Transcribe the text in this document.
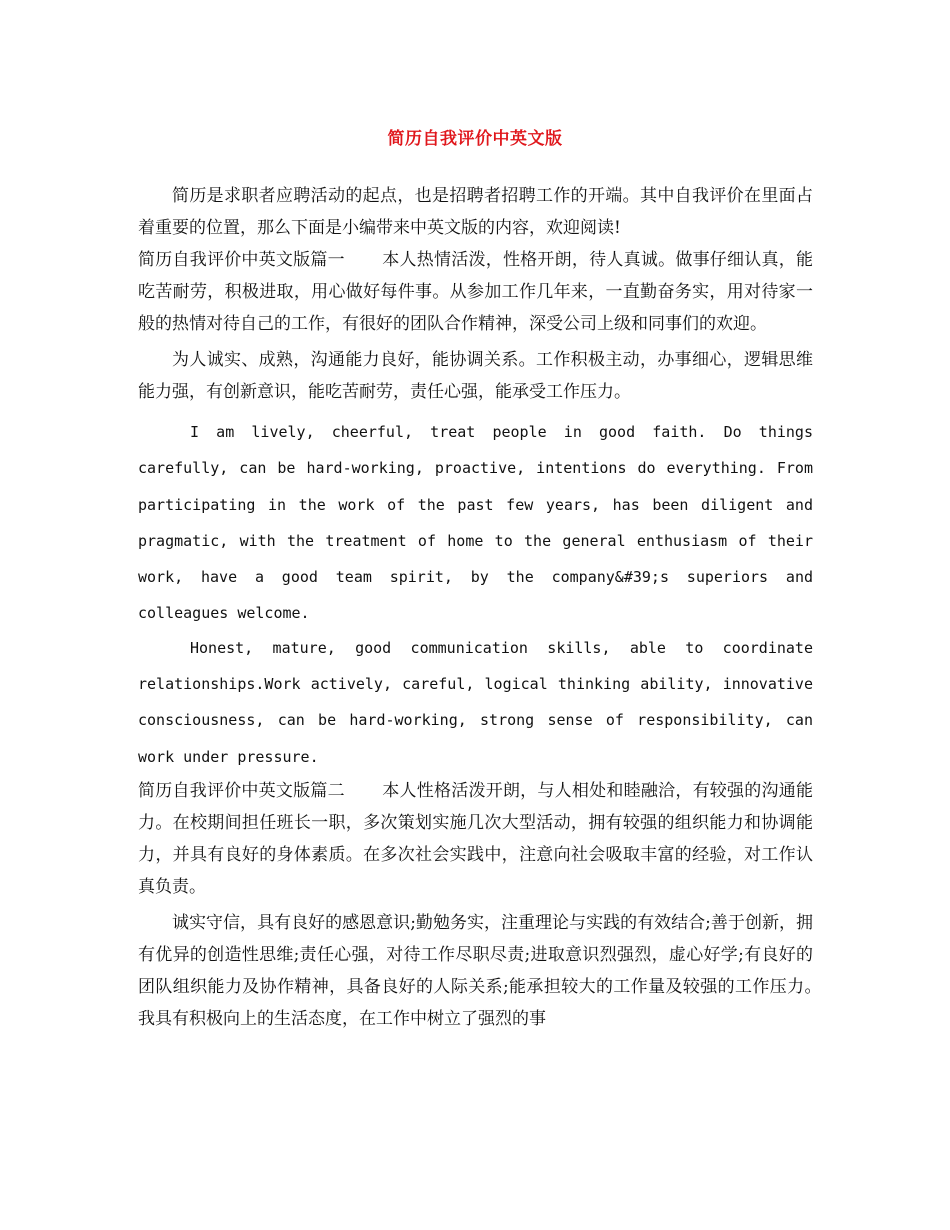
简历自我评价中英文版

简历是求职者应聘活动的起点，也是招聘者招聘工作的开端。其中自我评价在里面占着重要的位置，那么下面是小编带来中英文版的内容，欢迎阅读!

简历自我评价中英文版篇一 本人热情活泼，性格开朗，待人真诚。做事仔细认真，能吃苦耐劳，积极进取，用心做好每件事。从参加工作几年来，一直勤奋务实，用对待家一般的热情对待自己的工作，有很好的团队合作精神，深受公司上级和同事们的欢迎。

为人诚实、成熟，沟通能力良好，能协调关系。工作积极主动，办事细心，逻辑思维能力强，有创新意识，能吃苦耐劳，责任心强，能承受工作压力。

I am lively, cheerful, treat people in good faith. Do things carefully, can be hard-working, proactive, intentions do everything. From participating in the work of the past few years, has been diligent and pragmatic, with the treatment of home to the general enthusiasm of their work, have a good team spirit, by the company&#39;s superiors and colleagues welcome.

Honest, mature, good communication skills, able to coordinate relationships.Work actively, careful, logical thinking ability, innovative consciousness, can be hard-working, strong sense of responsibility, can work under pressure.

简历自我评价中英文版篇二 本人性格活泼开朗，与人相处和睦融洽，有较强的沟通能力。在校期间担任班长一职，多次策划实施几次大型活动，拥有较强的组织能力和协调能力，并具有良好的身体素质。在多次社会实践中，注意向社会吸取丰富的经验，对工作认真负责。

诚实守信，具有良好的感恩意识;勤勉务实，注重理论与实践的有效结合;善于创新，拥有优异的创造性思维;责任心强，对待工作尽职尽责;进取意识烈强烈，虚心好学;有良好的团队组织能力及协作精神，具备良好的人际关系;能承担较大的工作量及较强的工作压力。　我具有积极向上的生活态度，在工作中树立了强烈的事
